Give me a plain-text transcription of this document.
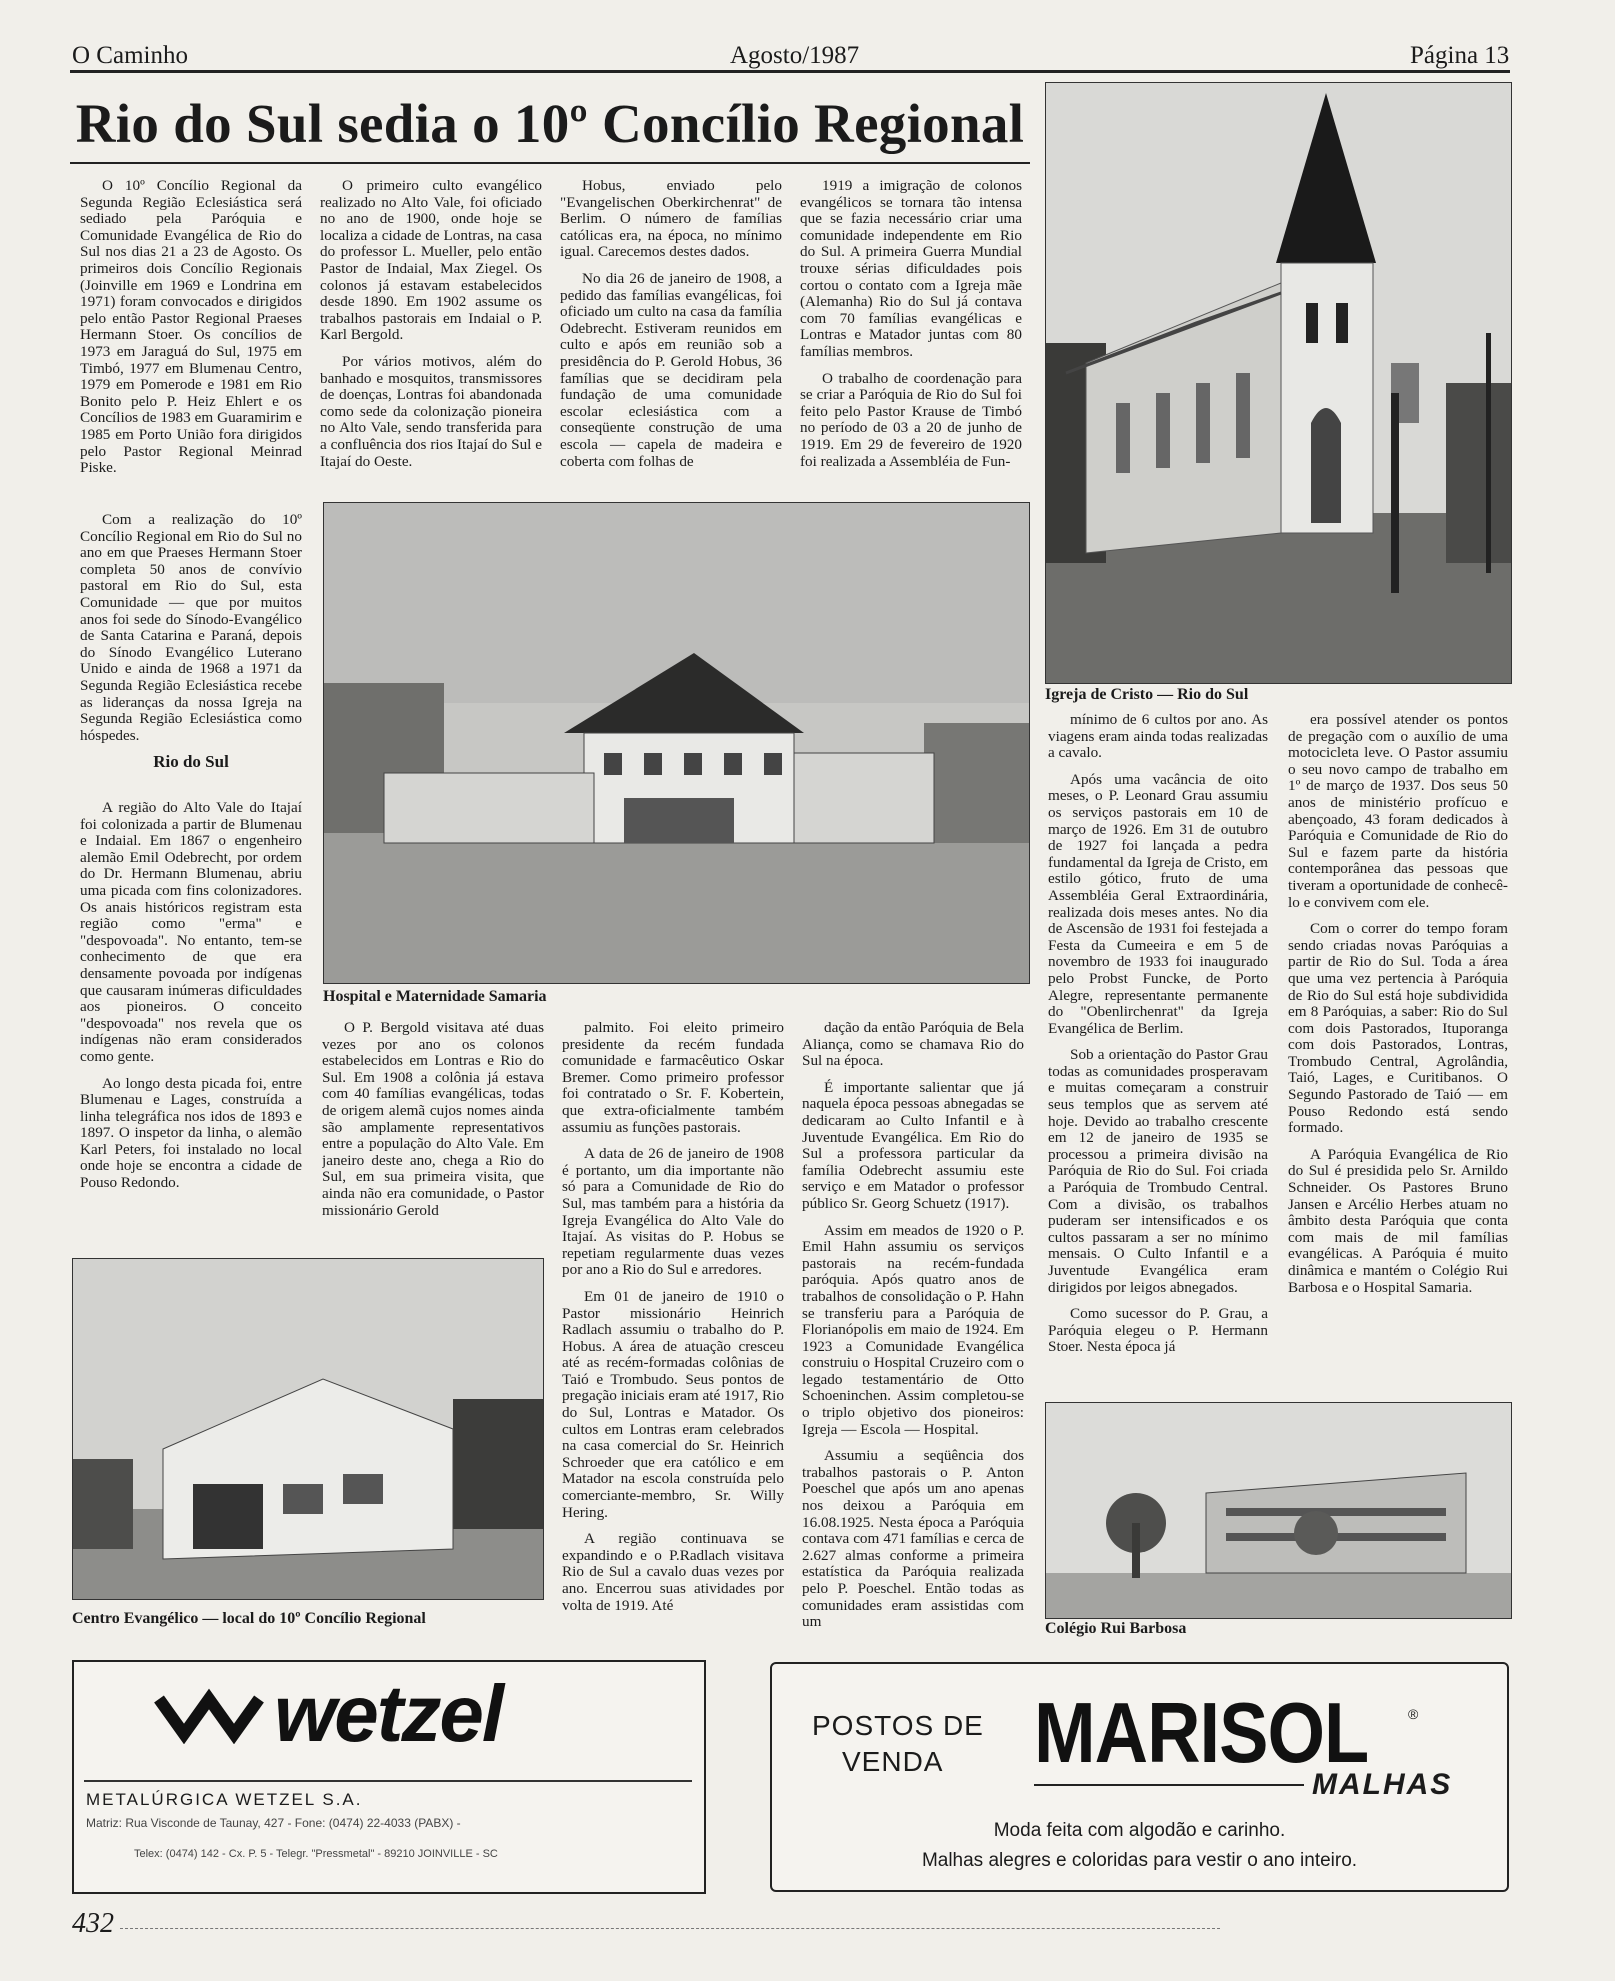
O Caminho	Agosto/1987	Página 13
Rio do Sul sedia o 10º Concílio Regional

O 10º Concílio Regional da Segunda Região Eclesiástica será sediado pela Paróquia e Comunidade Evangélica de Rio do Sul nos dias 21 a 23 de Agosto. Os primeiros dois Concílio Regionais (Joinville em 1969 e Londrina em 1971) foram convocados e dirigidos pelo então Pastor Regional Praeses Hermann Stoer. Os concílios de 1973 em Jaraguá do Sul, 1975 em Timbó, 1977 em Blumenau Centro, 1979 em Pomerode e 1981 em Rio Bonito pelo P. Heiz Ehlert e os Concílios de 1983 em Guaramirim e 1985 em Porto União fora dirigidos pelo Pastor Regional Meinrad Piske.

Com a realização do 10º Concílio Regional em Rio do Sul no ano em que Praeses Hermann Stoer completa 50 anos de convívio pastoral em Rio do Sul, esta Comunidade — que por muitos anos foi sede do Sínodo-Evangélico de Santa Catarina e Paraná, depois do Sínodo Evangélico Luterano Unido e ainda de 1968 a 1971 da Segunda Região Eclesiástica recebe as lideranças da nossa Igreja na Segunda Região Eclesiástica como hóspedes.

Rio do Sul

A região do Alto Vale do Itajaí foi colonizada a partir de Blumenau e Indaial. Em 1867 o engenheiro alemão Emil Odebrecht, por ordem do Dr. Hermann Blumenau, abriu uma picada com fins colonizadores. Os anais históricos registram esta região como "erma" e "despovoada". No entanto, tem-se conhecimento de que era densamente povoada por indígenas que causaram inúmeras dificuldades aos pioneiros. O conceito "despovoada" nos revela que os indígenas não eram considerados como gente.

Ao longo desta picada foi, entre Blumenau e Lages, construída a linha telegráfica nos idos de 1893 e 1897. O inspetor da linha, o alemão Karl Peters, foi instalado no local onde hoje se encontra a cidade de Pouso Redondo.

O primeiro culto evangélico realizado no Alto Vale, foi oficiado no ano de 1900, onde hoje se localiza a cidade de Lontras, na casa do professor L. Mueller, pelo então Pastor de Indaial, Max Ziegel. Os colonos já estavam estabelecidos desde 1890. Em 1902 assume os trabalhos pastorais em Indaial o P. Karl Bergold.

Por vários motivos, além do banhado e mosquitos, transmissores de doenças, Lontras foi abandonada como sede da colonização pioneira no Alto Vale, sendo transferida para a confluência dos rios Itajaí do Sul e Itajaí do Oeste.

Hobus, enviado pelo "Evangelischen Oberkirchenrat" de Berlim. O número de famílias católicas era, na época, no mínimo igual. Carecemos destes dados.

No dia 26 de janeiro de 1908, a pedido das famílias evangélicas, foi oficiado um culto na casa da família Odebrecht. Estiveram reunidos em culto e após em reunião sob a presidência do P. Gerold Hobus, 36 famílias que se decidiram pela fundação de uma comunidade escolar eclesiástica com a conseqüente construção de uma escola — capela de madeira e coberta com folhas de

1919 a imigração de colonos evangélicos se tornara tão intensa que se fazia necessário criar uma comunidade independente em Rio do Sul. A primeira Guerra Mundial trouxe sérias dificuldades pois cortou o contato com a Igreja mãe (Alemanha) Rio do Sul já contava com 70 famílias evangélicas e Lontras e Matador juntas com 80 famílias membros.

O trabalho de coordenação para se criar a Paróquia de Rio do Sul foi feito pelo Pastor Krause de Timbó no período de 03 a 20 de junho de 1919. Em 29 de fevereiro de 1920 foi realizada a Assembléia de Fun-

Igreja de Cristo — Rio do Sul
Hospital e Maternidade Samaria

O P. Bergold visitava até duas vezes por ano os colonos estabelecidos em Lontras e Rio do Sul. Em 1908 a colônia já estava com 40 famílias evangélicas, todas de origem alemã cujos nomes ainda são amplamente representativos entre a população do Alto Vale. Em janeiro deste ano, chega a Rio do Sul, em sua primeira visita, que ainda não era comunidade, o Pastor missionário Gerold

palmito. Foi eleito primeiro presidente da recém fundada comunidade e farmacêutico Oskar Bremer. Como primeiro professor foi contratado o Sr. F. Kobertein, que extra-oficialmente também assumiu as funções pastorais.

A data de 26 de janeiro de 1908 é portanto, um dia importante não só para a Comunidade de Rio do Sul, mas também para a história da Igreja Evangélica do Alto Vale do Itajaí. As visitas do P. Hobus se repetiam regularmente duas vezes por ano a Rio do Sul e arredores.

Em 01 de janeiro de 1910 o Pastor missionário Heinrich Radlach assumiu o trabalho do P. Hobus. A área de atuação cresceu até as recém-formadas colônias de Taió e Trombudo. Seus pontos de pregação iniciais eram até 1917, Rio do Sul, Lontras e Matador. Os cultos em Lontras eram celebrados na casa comercial do Sr. Heinrich Schroeder que era católico e em Matador na escola construída pelo comerciante-membro, Sr. Willy Hering.

A região continuava se expandindo e o P.Radlach visitava Rio de Sul a cavalo duas vezes por ano. Encerrou suas atividades por volta de 1919. Até

dação da então Paróquia de Bela Aliança, como se chamava Rio do Sul na época.

É importante salientar que já naquela época pessoas abnegadas se dedicaram ao Culto Infantil e à Juventude Evangélica. Em Rio do Sul a professora particular da família Odebrecht assumiu este serviço e em Matador o professor público Sr. Georg Schuetz (1917).

Assim em meados de 1920 o P. Emil Hahn assumiu os serviços pastorais na recém-fundada paróquia. Após quatro anos de trabalhos de consolidação o P. Hahn se transferiu para a Paróquia de Florianópolis em maio de 1924. Em 1923 a Comunidade Evangélica construiu o Hospital Cruzeiro com o legado testamentário de Otto Schoeninchen. Assim completou-se o triplo objetivo dos pioneiros: Igreja — Escola — Hospital.

Assumiu a seqüência dos trabalhos pastorais o P. Anton Poeschel que após um ano apenas nos deixou a Paróquia em 16.08.1925. Nesta época a Paróquia contava com 471 famílias e cerca de 2.627 almas conforme a primeira estatística da Paróquia realizada pelo P. Poeschel. Então todas as comunidades eram assistidas com um

mínimo de 6 cultos por ano. As viagens eram ainda todas realizadas a cavalo.

Após uma vacância de oito meses, o P. Leonard Grau assumiu os serviços pastorais em 10 de março de 1926. Em 31 de outubro de 1927 foi lançada a pedra fundamental da Igreja de Cristo, em estilo gótico, fruto de uma Assembléia Geral Extraordinária, realizada dois meses antes. No dia de Ascensão de 1931 foi festejada a Festa da Cumeeira e em 5 de novembro de 1933 foi inaugurado pelo Probst Funcke, de Porto Alegre, representante permanente do "Obenlirchenrat" da Igreja Evangélica de Berlim.

Sob a orientação do Pastor Grau todas as comunidades prosperavam e muitas começaram a construir seus templos que as servem até hoje. Devido ao trabalho crescente em 12 de janeiro de 1935 se processou a primeira divisão na Paróquia de Rio do Sul. Foi criada a Paróquia de Trombudo Central. Com a divisão, os trabalhos puderam ser intensificados e os cultos passaram a ser no mínimo mensais. O Culto Infantil e a Juventude Evangélica eram dirigidos por leigos abnegados.

Como sucessor do P. Grau, a Paróquia elegeu o P. Hermann Stoer. Nesta época já

era possível atender os pontos de pregação com o auxílio de uma motocicleta leve. O Pastor assumiu o seu novo campo de trabalho em 1º de março de 1937. Dos seus 50 anos de ministério profícuo e abençoado, 43 foram dedicados à Paróquia e Comunidade de Rio do Sul e fazem parte da história contemporânea das pessoas que tiveram a oportunidade de conhecê-lo e convivem com ele.

Com o correr do tempo foram sendo criadas novas Paróquias a partir de Rio do Sul. Toda a área que uma vez pertencia à Paróquia de Rio do Sul está hoje subdividida em 8 Paróquias, a saber: Rio do Sul com dois Pastorados, Ituporanga com dois Pastorados, Lontras, Trombudo Central, Agrolândia, Taió, Lages, e Curitibanos. O Segundo Pastorado de Taió — em Pouso Redondo está sendo formado.

A Paróquia Evangélica de Rio do Sul é presidida pelo Sr. Arnildo Schneider. Os Pastores Bruno Jansen e Arcélio Herbes atuam no âmbito desta Paróquia que conta com mais de mil famílias evangélicas. A Paróquia é muito dinâmica e mantém o Colégio Rui Barbosa e o Hospital Samaria.

Centro Evangélico — local do 10º Concílio Regional
Colégio Rui Barbosa
wetzel
METALÚRGICA WETZEL S.A.
Matriz: Rua Visconde de Taunay, 427 - Fone: (0474) 22-4033 (PABX) -
Telex: (0474) 142 - Cx. P. 5 - Telegr. "Pressmetal" - 89210 JOINVILLE - SC
POSTOS DE
VENDA MARISOL	®
MALHAS
Moda feita com algodão e carinho.
Malhas alegres e coloridas para vestir o ano inteiro.
432
